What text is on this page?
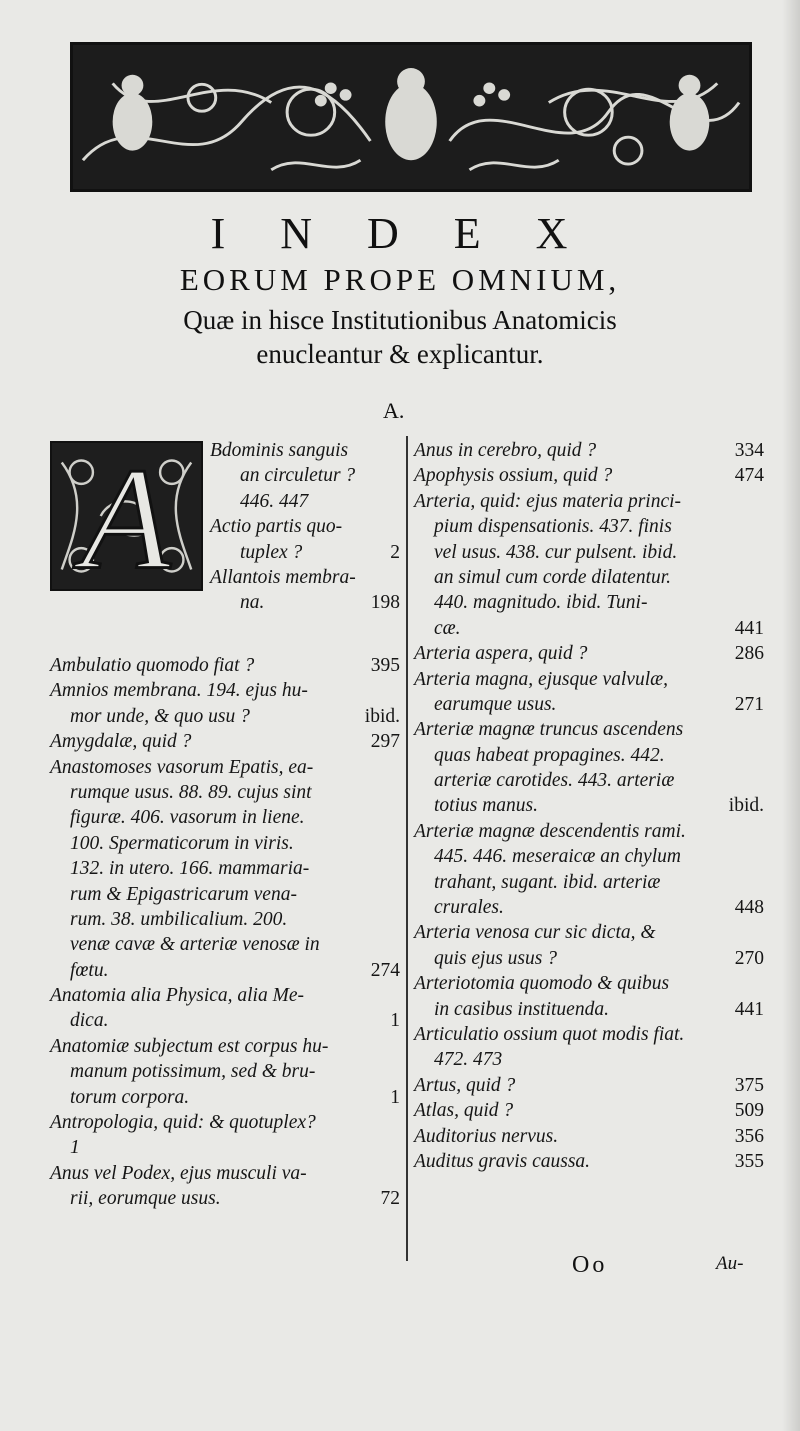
I N D E X
EORUM PROPE OMNIUM,
Quæ in hisce Institutionibus Anatomicis
enucleantur & explicantur.
A.
A Bdominis sanguis
an circuletur ?
446. 447
Actio partis quo-
tuplex ?	2
Allantois membra-
na.	198
Ambulatio quomodo fiat ?	395
Amnios membrana. 194. ejus hu-
mor unde, & quo usu ?	ibid.
Amygdalæ, quid ?	297
Anastomoses vasorum Epatis, ea-
rumque usus. 88. 89. cujus sint
figuræ. 406. vasorum in liene.
100. Spermaticorum in viris.
132. in utero. 166. mammaria-
rum & Epigastricarum vena-
rum. 38. umbilicalium. 200.
venæ cavæ & arteriæ venosæ in
fœtu.	274
Anatomia alia Physica, alia Me-
dica.	1
Anatomiæ subjectum est corpus hu-
manum potissimum, sed & bru-
torum corpora.	1
Antropologia, quid: & quotuplex?
1
Anus vel Podex, ejus musculi va-
rii, eorumque usus.	72
Anus in cerebro, quid ?	334
Apophysis ossium, quid ?	474
Arteria, quid: ejus materia princi-
pium dispensationis. 437. finis
vel usus. 438. cur pulsent. ibid.
an simul cum corde dilatentur.
440. magnitudo. ibid. Tuni-
cæ.	441
Arteria aspera, quid ?	286
Arteria magna, ejusque valvulæ,
earumque usus.	271
Arteriæ magnæ truncus ascendens
quas habeat propagines. 442.
arteriæ carotides. 443. arteriæ
totius manus.	ibid.
Arteriæ magnæ descendentis rami.
445. 446. meseraicæ an chylum
trahant, sugant. ibid. arteriæ
crurales.	448
Arteria venosa cur sic dicta, &
quis ejus usus ?	270
Arteriotomia quomodo & quibus
in casibus instituenda.	441
Articulatio ossium quot modis fiat.
472. 473
Artus, quid ?	375
Atlas, quid ?	509
Auditorius nervus.	356
Auditus gravis caussa.	355
Oo	Au-
